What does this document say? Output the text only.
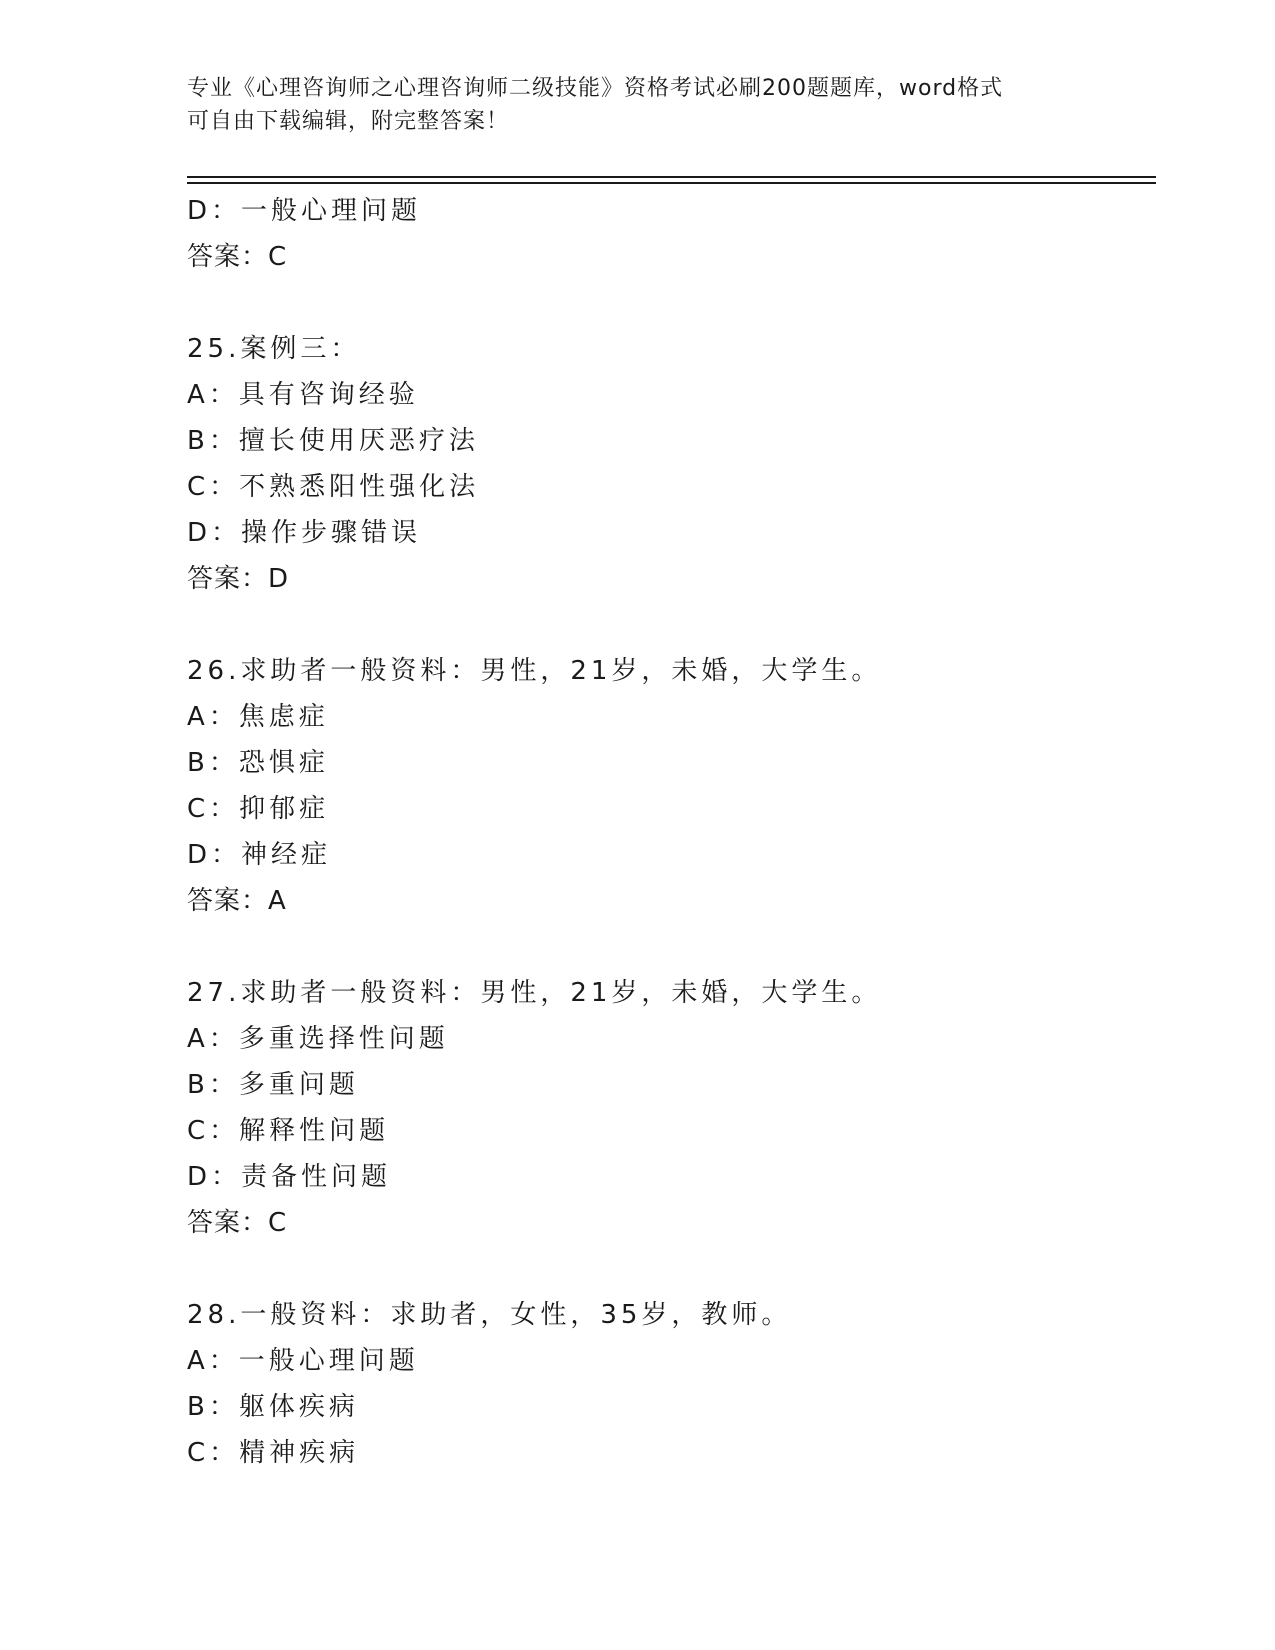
专业《心理咨询师之心理咨询师二级技能》资格考试必刷200题题库，word格式
可自由下载编辑，附完整答案！
D：一般心理问题
答案：C
25.案例三：
A：具有咨询经验
B：擅长使用厌恶疗法
C：不熟悉阳性强化法
D：操作步骤错误
答案：D
26.求助者一般资料：男性，21岁，未婚，大学生。
A：焦虑症
B：恐惧症
C：抑郁症
D：神经症
答案：A
27.求助者一般资料：男性，21岁，未婚，大学生。
A：多重选择性问题
B：多重问题
C：解释性问题
D：责备性问题
答案：C
28.一般资料：求助者，女性，35岁，教师。
A：一般心理问题
B：躯体疾病
C：精神疾病
